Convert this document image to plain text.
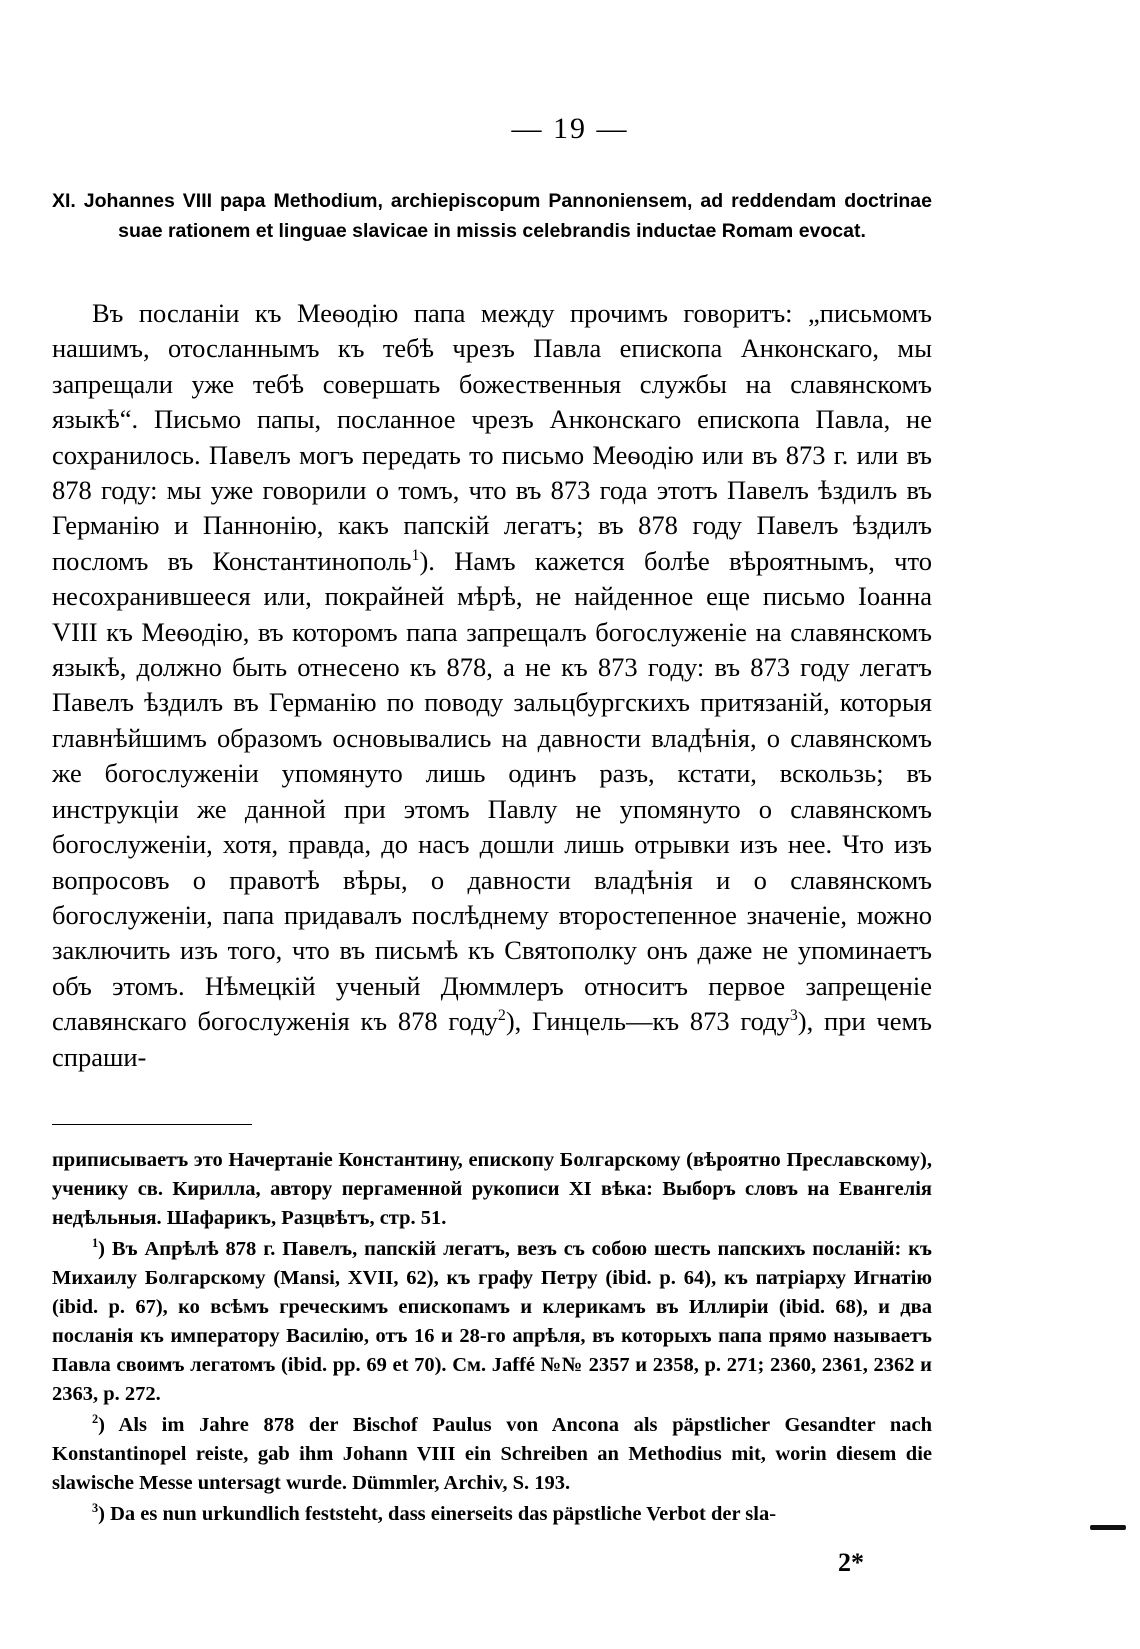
— 19 —

XI. Johannes VIII papa Methodium, archiepiscopum Pannoniensem, ad reddendam doctrinae suae rationem et linguae slavicae in missis celebrandis inductae Romam evocat.

Въ посланіи къ Меѳодію папа между прочимъ говоритъ: „письмомъ нашимъ, отосланнымъ къ тебѣ чрезъ Павла епископа Анконскаго, мы запрещали уже тебѣ совершать божественныя службы на славянскомъ языкѣ“. Письмо папы, посланное чрезъ Анконскаго епископа Павла, не сохранилось. Павелъ могъ передать то письмо Меѳодію или въ 873 г. или въ 878 году: мы уже говорили о томъ, что въ 873 года этотъ Павелъ ѣздилъ въ Германію и Паннонію, какъ папскій легатъ; въ 878 году Павелъ ѣздилъ посломъ въ Константинополь$^1$). Намъ кажется болѣе вѣроятнымъ, что несохранившееся или, покрайней мѣрѣ, не найденное еще письмо Іоанна VIII къ Меѳодію, въ которомъ папа запрещалъ богослуженіе на славянскомъ языкѣ, должно быть отнесено къ 878, а не къ 873 году: въ 873 году легатъ Павелъ ѣздилъ въ Германію по поводу зальцбургскихъ притязаній, которыя главнѣйшимъ образомъ основывались на давности владѣнія, о славянскомъ же богослуженіи упомянуто лишь одинъ разъ, кстати, вскользь; въ инструкціи же данной при этомъ Павлу не упомянуто о славянскомъ богослуженіи, хотя, правда, до насъ дошли лишь отрывки изъ нее. Что изъ вопросовъ о правотѣ вѣры, о давности владѣнія и о славянскомъ богослуженіи, папа придавалъ послѣднему второстепенное значеніе, можно заключить изъ того, что въ письмѣ къ Святополку онъ даже не упоминаетъ объ этомъ. Нѣмецкій ученый Дюммлеръ относитъ первое запрещеніе славянскаго богослуженія къ 878 году$^2$), Гинцель—къ 873 году$^3$), при чемъ спраши-

приписываетъ это Начертаніе Константину, епископу Болгарскому (вѣроятно Преславскому), ученику св. Кирилла, автору пергаменной рукописи XI вѣка: Выборъ словъ на Евангелія недѣльныя. Шафарикъ, Разцвѣтъ, стр. 51.

$^1$) Въ Апрѣлѣ 878 г. Павелъ, папскій легатъ, везъ съ собою шесть папскихъ посланій: къ Михаилу Болгарскому (Mansi, XVII, 62), къ графу Петру (ibid. p. 64), къ патріарху Игнатію (ibid. p. 67), ко всѣмъ греческимъ епископамъ и клерикамъ въ Иллиріи (ibid. 68), и два посланія къ императору Василію, отъ 16 и 28-го апрѣля, въ которыхъ папа прямо называетъ Павла своимъ легатомъ (ibid. pp. 69 et 70). См. Jaffé №№ 2357 и 2358, p. 271; 2360, 2361, 2362 и 2363, p. 272.

$^2$) Als im Jahre 878 der Bischof Paulus von Ancona als päpstlicher Gesandter nach Konstantinopel reiste, gab ihm Johann VIII ein Schreiben an Methodius mit, worin diesem die slawische Messe untersagt wurde. Dümmler, Archiv, S. 193.

$^3$) Da es nun urkundlich feststeht, dass einerseits das päpstliche Verbot der sla-

2*
